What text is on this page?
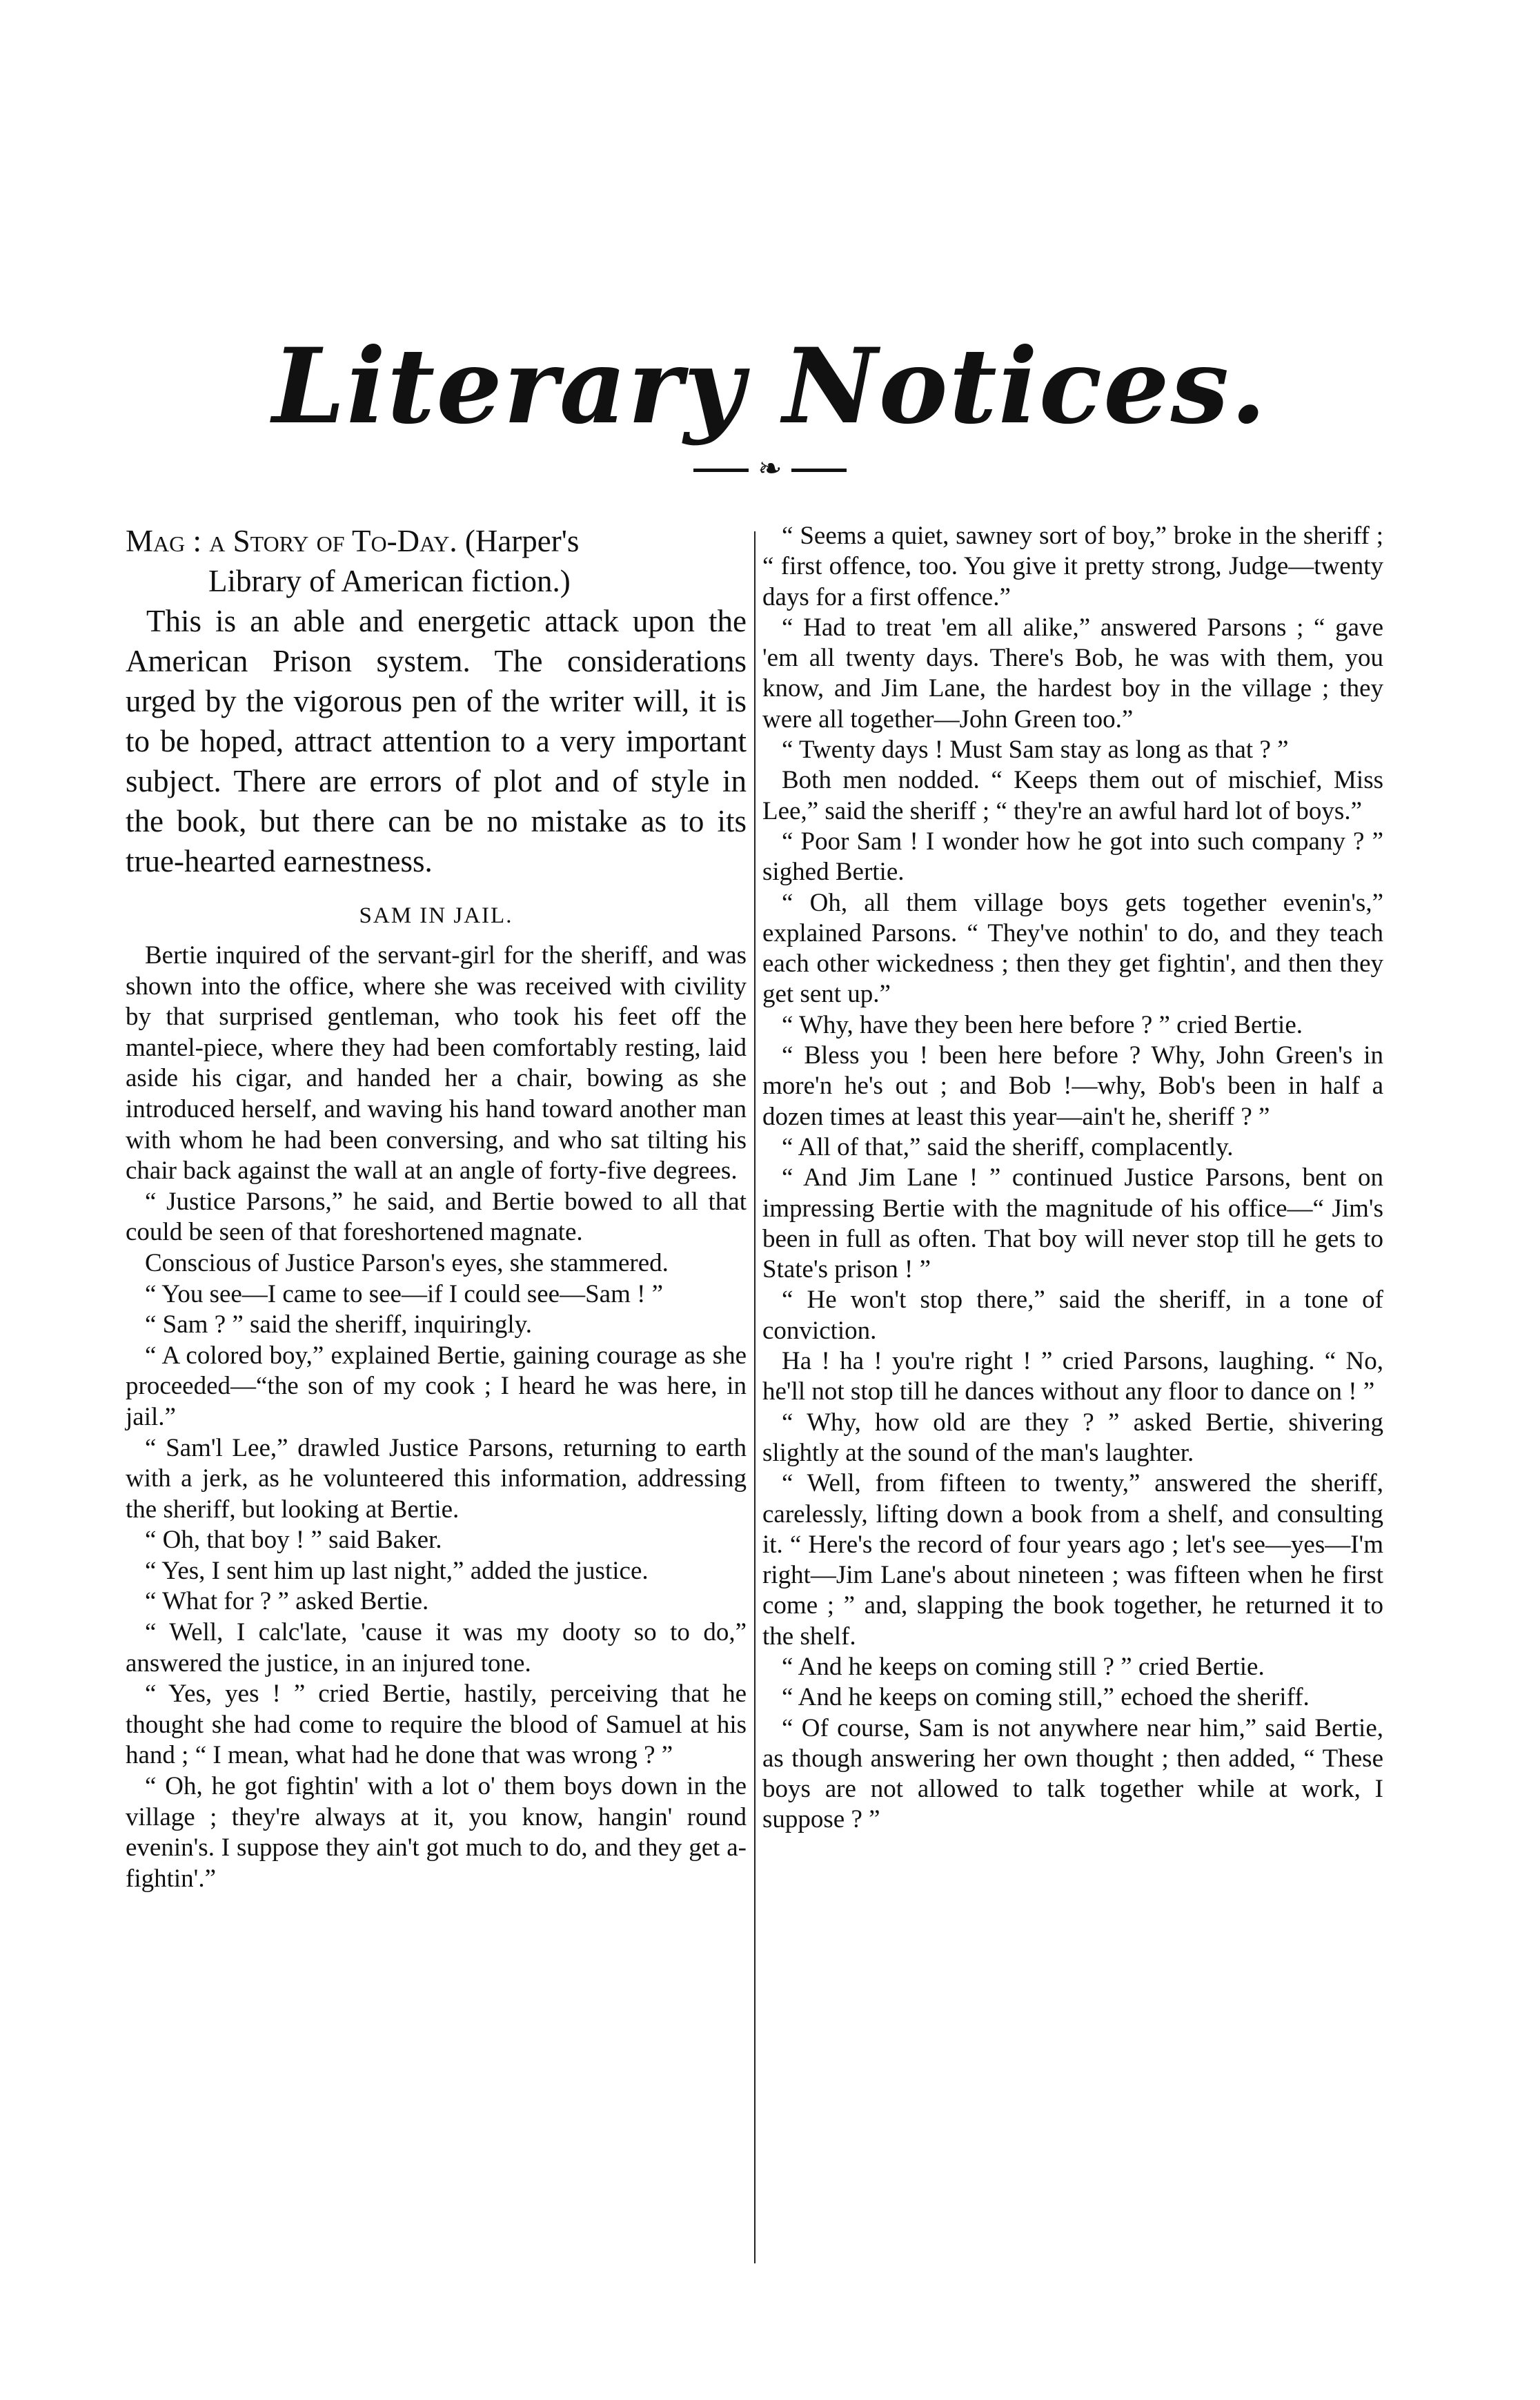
Literary Notices.
❧

Mag : a Story of To-Day. (Harper's
Library of American fiction.)

This is an able and energetic attack upon the American Prison system. The considerations urged by the vigorous pen of the writer will, it is to be hoped, attract attention to a very important subject. There are errors of plot and of style in the book, but there can be no mistake as to its true-hearted earnestness.

SAM IN JAIL.

Bertie inquired of the servant-girl for the sheriff, and was shown into the office, where she was received with civility by that surprised gentleman, who took his feet off the mantel-piece, where they had been comfortably resting, laid aside his cigar, and handed her a chair, bowing as she introduced herself, and waving his hand toward another man with whom he had been conversing, and who sat tilting his chair back against the wall at an angle of forty-five degrees.

“ Justice Parsons,” he said, and Bertie bowed to all that could be seen of that foreshortened magnate.

Conscious of Justice Parson's eyes, she stammered.

“ You see—I came to see—if I could see—Sam ! ”

“ Sam ? ” said the sheriff, inquiringly.

“ A colored boy,” explained Bertie, gaining courage as she proceeded—“the son of my cook ; I heard he was here, in jail.”

“ Sam'l Lee,” drawled Justice Parsons, returning to earth with a jerk, as he volunteered this information, addressing the sheriff, but looking at Bertie.

“ Oh, that boy ! ” said Baker.

“ Yes, I sent him up last night,” added the justice.

“ What for ? ” asked Bertie.

“ Well, I calc'late, 'cause it was my dooty so to do,” answered the justice, in an injured tone.

“ Yes, yes ! ” cried Bertie, hastily, perceiving that he thought she had come to require the blood of Samuel at his hand ; “ I mean, what had he done that was wrong ? ”

“ Oh, he got fightin' with a lot o' them boys down in the village ; they're always at it, you know, hangin' round evenin's. I suppose they ain't got much to do, and they get a-fightin'.”

“ Seems a quiet, sawney sort of boy,” broke in the sheriff ; “ first offence, too. You give it pretty strong, Judge—twenty days for a first offence.”

“ Had to treat 'em all alike,” answered Parsons ; “ gave 'em all twenty days. There's Bob, he was with them, you know, and Jim Lane, the hardest boy in the village ; they were all together—John Green too.”

“ Twenty days ! Must Sam stay as long as that ? ”

Both men nodded. “ Keeps them out of mischief, Miss Lee,” said the sheriff ; “ they're an awful hard lot of boys.”

“ Poor Sam ! I wonder how he got into such company ? ” sighed Bertie.

“ Oh, all them village boys gets together evenin's,” explained Parsons. “ They've nothin' to do, and they teach each other wickedness ; then they get fightin', and then they get sent up.”

“ Why, have they been here before ? ” cried Bertie.

“ Bless you ! been here before ? Why, John Green's in more'n he's out ; and Bob !—why, Bob's been in half a dozen times at least this year—ain't he, sheriff ? ”

“ All of that,” said the sheriff, complacently.

“ And Jim Lane ! ” continued Justice Parsons, bent on impressing Bertie with the magnitude of his office—“ Jim's been in full as often. That boy will never stop till he gets to State's prison ! ”

“ He won't stop there,” said the sheriff, in a tone of conviction.

Ha ! ha ! you're right ! ” cried Parsons, laughing. “ No, he'll not stop till he dances without any floor to dance on ! ”

“ Why, how old are they ? ” asked Bertie, shivering slightly at the sound of the man's laughter.

“ Well, from fifteen to twenty,” answered the sheriff, carelessly, lifting down a book from a shelf, and consulting it. “ Here's the record of four years ago ; let's see—yes—I'm right—Jim Lane's about nineteen ; was fifteen when he first come ; ” and, slapping the book together, he returned it to the shelf.

“ And he keeps on coming still ? ” cried Bertie.

“ And he keeps on coming still,” echoed the sheriff.

“ Of course, Sam is not anywhere near him,” said Bertie, as though answering her own thought ; then added, “ These boys are not allowed to talk together while at work, I suppose ? ”
